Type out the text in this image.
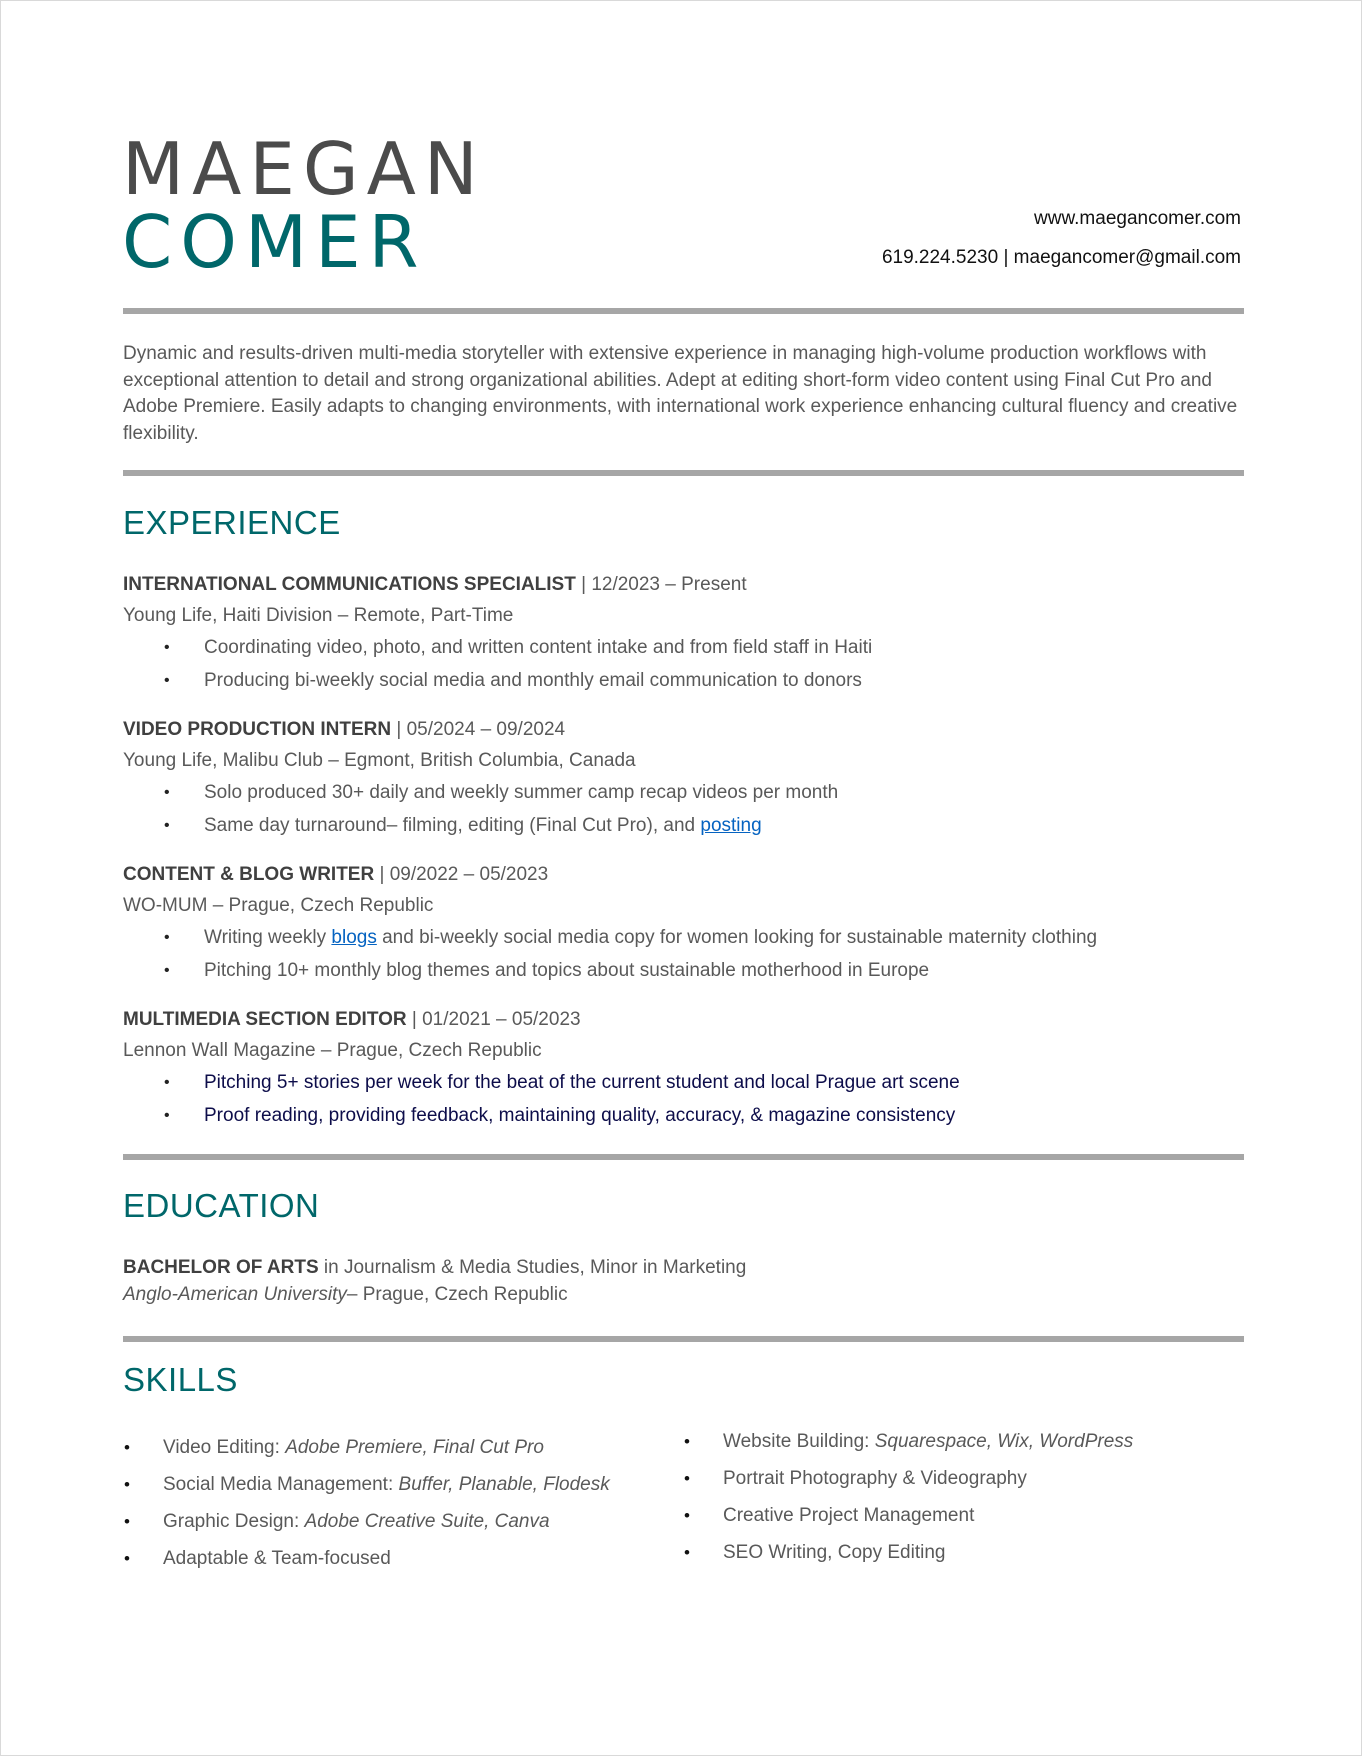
MAEGAN
COMER	www.maegancomer.com
619.224.5230 | maegancomer@gmail.com

Dynamic and results-driven multi-media storyteller with extensive experience in managing high-volume production workflows with exceptional attention to detail and strong organizational abilities. Adept at editing short-form video content using Final Cut Pro and Adobe Premiere. Easily adapts to changing environments, with international work experience enhancing cultural fluency and creative flexibility.

EXPERIENCE
INTERNATIONAL COMMUNICATIONS SPECIALIST | 12/2023 – Present
Young Life, Haiti Division – Remote, Part-Time
• Coordinating video, photo, and written content intake and from field staff in Haiti
• Producing bi-weekly social media and monthly email communication to donors
VIDEO PRODUCTION INTERN | 05/2024 – 09/2024
Young Life, Malibu Club – Egmont, British Columbia, Canada
• Solo produced 30+ daily and weekly summer camp recap videos per month
• Same day turnaround– filming, editing (Final Cut Pro), and posting
CONTENT & BLOG WRITER | 09/2022 – 05/2023
WO-MUM – Prague, Czech Republic
• Writing weekly blogs and bi-weekly social media copy for women looking for sustainable maternity clothing
• Pitching 10+ monthly blog themes and topics about sustainable motherhood in Europe
MULTIMEDIA SECTION EDITOR | 01/2021 – 05/2023
Lennon Wall Magazine – Prague, Czech Republic
• Pitching 5+ stories per week for the beat of the current student and local Prague art scene
• Proof reading, providing feedback, maintaining quality, accuracy, & magazine consistency
EDUCATION
BACHELOR OF ARTS in Journalism & Media Studies, Minor in Marketing
Anglo-American University– Prague, Czech Republic
SKILLS
• Video Editing: Adobe Premiere, Final Cut Pro
• Social Media Management: Buffer, Planable, Flodesk
• Graphic Design: Adobe Creative Suite, Canva
• Adaptable & Team-focused
• Website Building: Squarespace, Wix, WordPress
• Portrait Photography & Videography
• Creative Project Management
• SEO Writing, Copy Editing
